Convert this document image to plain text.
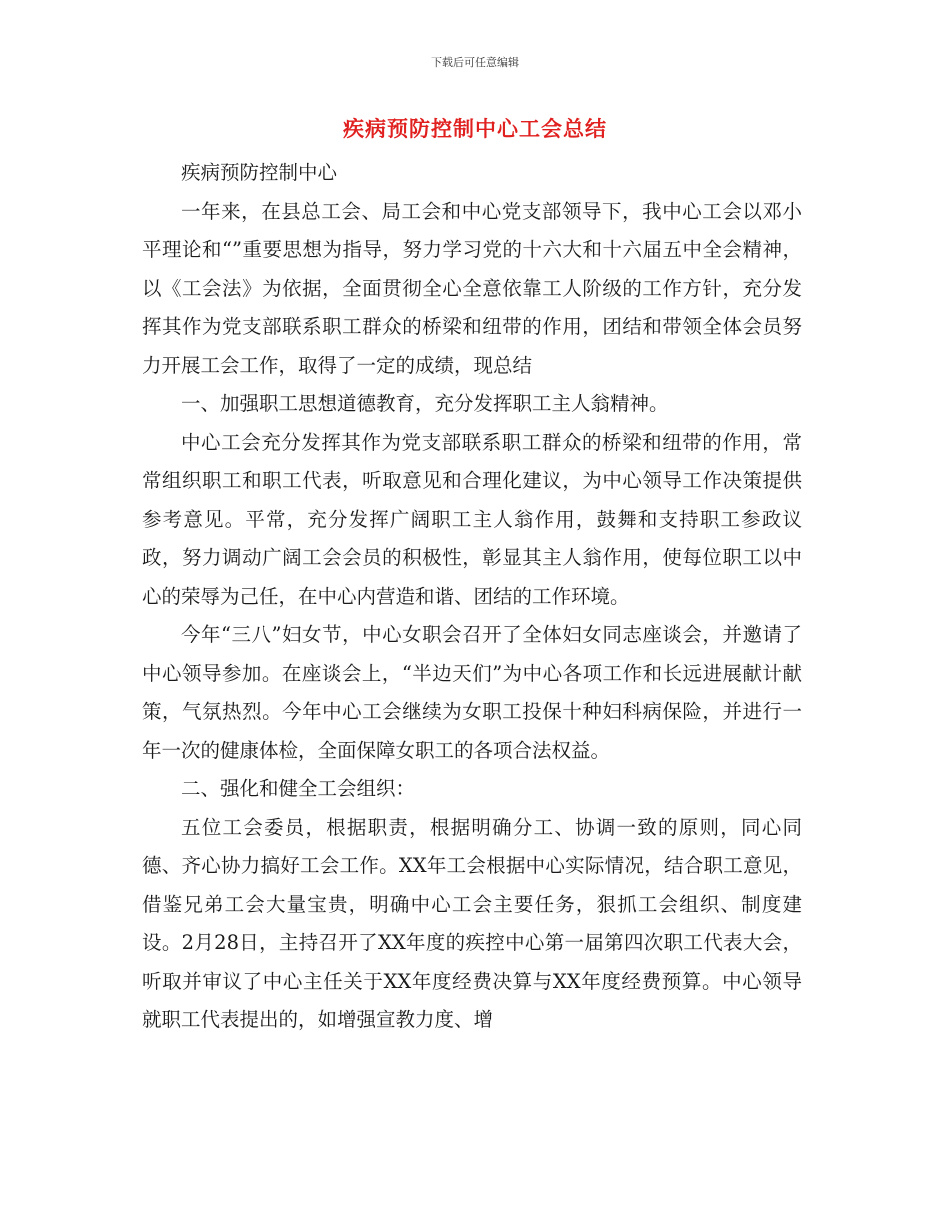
下载后可任意编辑
疾病预防控制中心工会总结

疾病预防控制中心

一年来，在县总工会、局工会和中心党支部领导下，我中心工会以邓小平理论和“”重要思想为指导，努力学习党的十六大和十六届五中全会精神，以《工会法》为依据，全面贯彻全心全意依靠工人阶级的工作方针，充分发挥其作为党支部联系职工群众的桥梁和纽带的作用，团结和带领全体会员努力开展工会工作，取得了一定的成绩，现总结

一、加强职工思想道德教育，充分发挥职工主人翁精神。

中心工会充分发挥其作为党支部联系职工群众的桥梁和纽带的作用，常常组织职工和职工代表，听取意见和合理化建议，为中心领导工作决策提供参考意见。平常，充分发挥广阔职工主人翁作用，鼓舞和支持职工参政议政，努力调动广阔工会会员的积极性，彰显其主人翁作用，使每位职工以中心的荣辱为己任，在中心内营造和谐、团结的工作环境。

今年“三八”妇女节，中心女职会召开了全体妇女同志座谈会，并邀请了中心领导参加。在座谈会上，“半边天们”为中心各项工作和长远进展献计献策，气氛热烈。今年中心工会继续为女职工投保十种妇科病保险，并进行一年一次的健康体检，全面保障女职工的各项合法权益。

二、强化和健全工会组织：

五位工会委员，根据职责，根据明确分工、协调一致的原则，同心同德、齐心协力搞好工会工作。XX年工会根据中心实际情况，结合职工意见，借鉴兄弟工会大量宝贵，明确中心工会主要任务，狠抓工会组织、制度建设。2月28日，主持召开了XX年度的疾控中心第一届第四次职工代表大会，听取并审议了中心主任关于XX年度经费决算与XX年度经费预算。中心领导就职工代表提出的，如增强宣教力度、增
